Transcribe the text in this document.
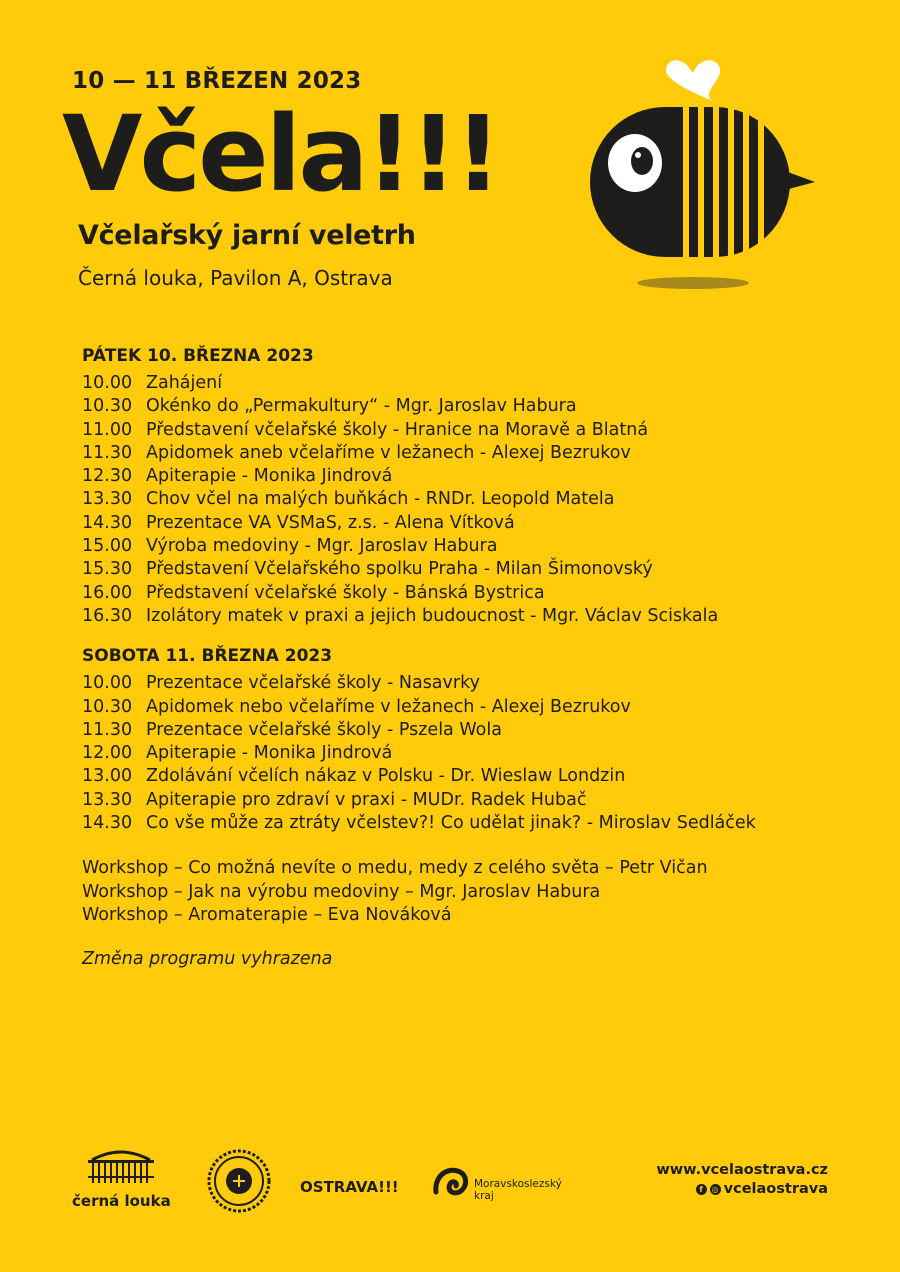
10 — 11 BŘEZEN 2023
Včela!!!
Včelařský jarní veletrh
Černá louka, Pavilon A, Ostrava
PÁTEK 10. BŘEZNA 2023
10.00 Zahájení
10.30 Okénko do „Permakultury“ - Mgr. Jaroslav Habura
11.00 Představení včelařské školy - Hranice na Moravě a Blatná
11.30 Apidomek aneb včelaříme v ležanech - Alexej Bezrukov
12.30 Apiterapie - Monika Jindrová
13.30 Chov včel na malých buňkách - RNDr. Leopold Matela
14.30 Prezentace VA VSMaS, z.s. - Alena Vítková
15.00 Výroba medoviny - Mgr. Jaroslav Habura
15.30 Představení Včelařského spolku Praha - Milan Šimonovský
16.00 Představení včelařské školy - Bánská Bystrica
16.30 Izolátory matek v praxi a jejich budoucnost - Mgr. Václav Sciskala
SOBOTA 11. BŘEZNA 2023
10.00 Prezentace včelařské školy - Nasavrky
10.30 Apidomek nebo včelaříme v ležanech - Alexej Bezrukov
11.30 Prezentace včelařské školy - Pszela Wola
12.00 Apiterapie - Monika Jindrová
13.00 Zdolávání včelích nákaz v Polsku - Dr. Wieslaw Londzin
13.30 Apiterapie pro zdraví v praxi - MUDr. Radek Hubač
14.30 Co vše může za ztráty včelstev?! Co udělat jinak? - Miroslav Sedláček
Workshop – Co možná nevíte o medu, medy z celého světa – Petr Vičan
Workshop – Jak na výrobu medoviny – Mgr. Jaroslav Habura
Workshop – Aromaterapie – Eva Nováková
Změna programu vyhrazena
černá louka
OSTRAVA!!!	Moravskoslezský
kraj
www.vcelaostrava.cz
f	◎ vcelaostrava
